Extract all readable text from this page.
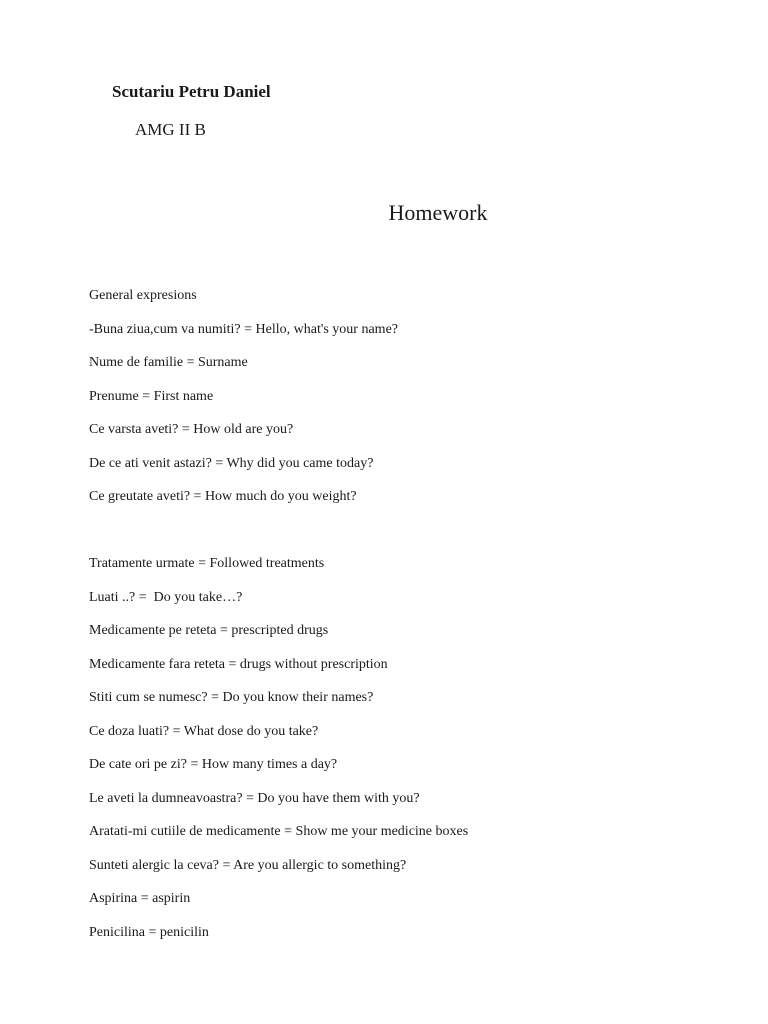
Scutariu Petru Daniel
AMG II B
Homework
General expresions
-Buna ziua,cum va numiti? = Hello, what's your name?
Nume de familie = Surname
Prenume = First name
Ce varsta aveti? = How old are you?
De ce ati venit astazi? = Why did you came today?
Ce greutate aveti? = How much do you weight?
Tratamente urmate = Followed treatments
Luati ..? =  Do you take…?
Medicamente pe reteta = prescripted drugs
Medicamente fara reteta = drugs without prescription
Stiti cum se numesc? = Do you know their names?
Ce doza luati? = What dose do you take?
De cate ori pe zi? = How many times a day?
Le aveti la dumneavoastra? = Do you have them with you?
Aratati-mi cutiile de medicamente = Show me your medicine boxes
Sunteti alergic la ceva? = Are you allergic to something?
Aspirina = aspirin
Penicilina = penicilin
